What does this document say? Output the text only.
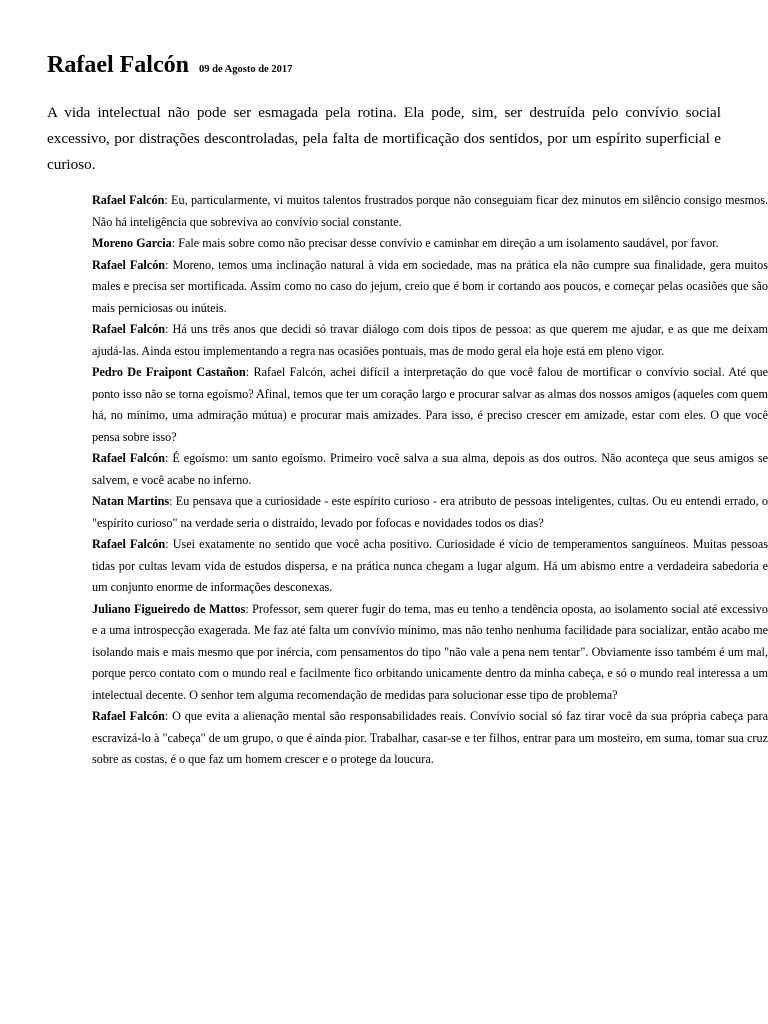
Rafael Falcón 09 de Agosto de 2017

A vida intelectual não pode ser esmagada pela rotina. Ela pode, sim, ser destruída pelo convívio social excessivo, por distrações descontroladas, pela falta de mortificação dos sentidos, por um espírito superficial e curioso.

Rafael Falcón: Eu, particularmente, vi muitos talentos frustrados porque não conseguiam ficar dez minutos em silêncio consigo mesmos. Não há inteligência que sobreviva ao convívio social constante.

Moreno Garcia: Fale mais sobre como não precisar desse convívio e caminhar em direção a um isolamento saudável, por favor.

Rafael Falcón: Moreno, temos uma inclinação natural à vida em sociedade, mas na prática ela não cumpre sua finalidade, gera muitos males e precisa ser mortificada. Assim como no caso do jejum, creio que é bom ir cortando aos poucos, e começar pelas ocasiões que são mais perniciosas ou inúteis.

Rafael Falcón: Há uns três anos que decidi só travar diálogo com dois tipos de pessoa: as que querem me ajudar, e as que me deixam ajudá-las. Ainda estou implementando a regra nas ocasiões pontuais, mas de modo geral ela hoje está em pleno vigor.

Pedro De Fraipont Castañon: Rafael Falcón, achei difícil a interpretação do que você falou de mortificar o convívio social. Até que ponto isso não se torna egoísmo? Afinal, temos que ter um coração largo e procurar salvar as almas dos nossos amigos (aqueles com quem há, no mínimo, uma admiração mútua) e procurar mais amizades. Para isso, é preciso crescer em amizade, estar com eles. O que você pensa sobre isso?

Rafael Falcón: É egoísmo: um santo egoísmo. Primeiro você salva a sua alma, depois as dos outros. Não aconteça que seus amigos se salvem, e você acabe no inferno.

Natan Martins: Eu pensava que a curiosidade - este espírito curioso - era atributo de pessoas inteligentes, cultas. Ou eu entendi errado, o "espírito curioso" na verdade seria o distraído, levado por fofocas e novidades todos os dias?

Rafael Falcón: Usei exatamente no sentido que você acha positivo. Curiosidade é vício de temperamentos sanguíneos. Muitas pessoas tidas por cultas levam vida de estudos dispersa, e na prática nunca chegam a lugar algum. Há um abismo entre a verdadeira sabedoria e um conjunto enorme de informações desconexas.

Juliano Figueiredo de Mattos: Professor, sem querer fugir do tema, mas eu tenho a tendência oposta, ao isolamento social até excessivo e a uma introspecção exagerada. Me faz até falta um convívio mínimo, mas não tenho nenhuma facilidade para socializar, então acabo me isolando mais e mais mesmo que por inércia, com pensamentos do tipo "não vale a pena nem tentar". Obviamente isso também é um mal, porque perco contato com o mundo real e facilmente fico orbitando unicamente dentro da minha cabeça, e só o mundo real interessa a um intelectual decente. O senhor tem alguma recomendação de medidas para solucionar esse tipo de problema?

Rafael Falcón: O que evita a alienação mental são responsabilidades reais. Convívio social só faz tirar você da sua própria cabeça para escravizá-lo à "cabeça" de um grupo, o que é ainda pior. Trabalhar, casar-se e ter filhos, entrar para um mosteiro, em suma, tomar sua cruz sobre as costas, é o que faz um homem crescer e o protege da loucura.
